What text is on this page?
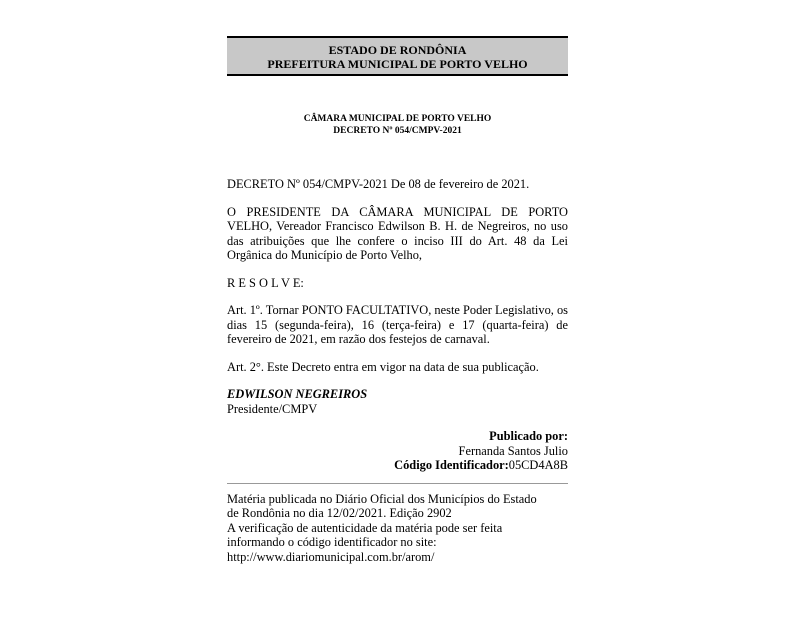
ESTADO DE RONDÔNIA
PREFEITURA MUNICIPAL DE PORTO VELHO
CÂMARA MUNICIPAL DE PORTO VELHO
DECRETO Nº 054/CMPV-2021

DECRETO Nº 054/CMPV-2021 De 08 de fevereiro de 2021.

O PRESIDENTE DA CÂMARA MUNICIPAL DE PORTO VELHO, Vereador Francisco Edwilson B. H. de Negreiros, no uso das atribuições que lhe confere o inciso III do Art. 48 da Lei Orgânica do Município de Porto Velho,

R E S O L V E:

Art. 1º. Tornar PONTO FACULTATIVO, neste Poder Legislativo, os dias 15 (segunda-feira), 16 (terça-feira) e 17 (quarta-feira) de fevereiro de 2021, em razão dos festejos de carnaval.

Art. 2°. Este Decreto entra em vigor na data de sua publicação.

EDWILSON NEGREIROS
Presidente/CMPV
Publicado por:
Fernanda Santos Julio
Código Identificador:05CD4A8B
Matéria publicada no Diário Oficial dos Municípios do Estado
de Rondônia no dia 12/02/2021. Edição 2902
A verificação de autenticidade da matéria pode ser feita
informando o código identificador no site:
http://www.diariomunicipal.com.br/arom/
